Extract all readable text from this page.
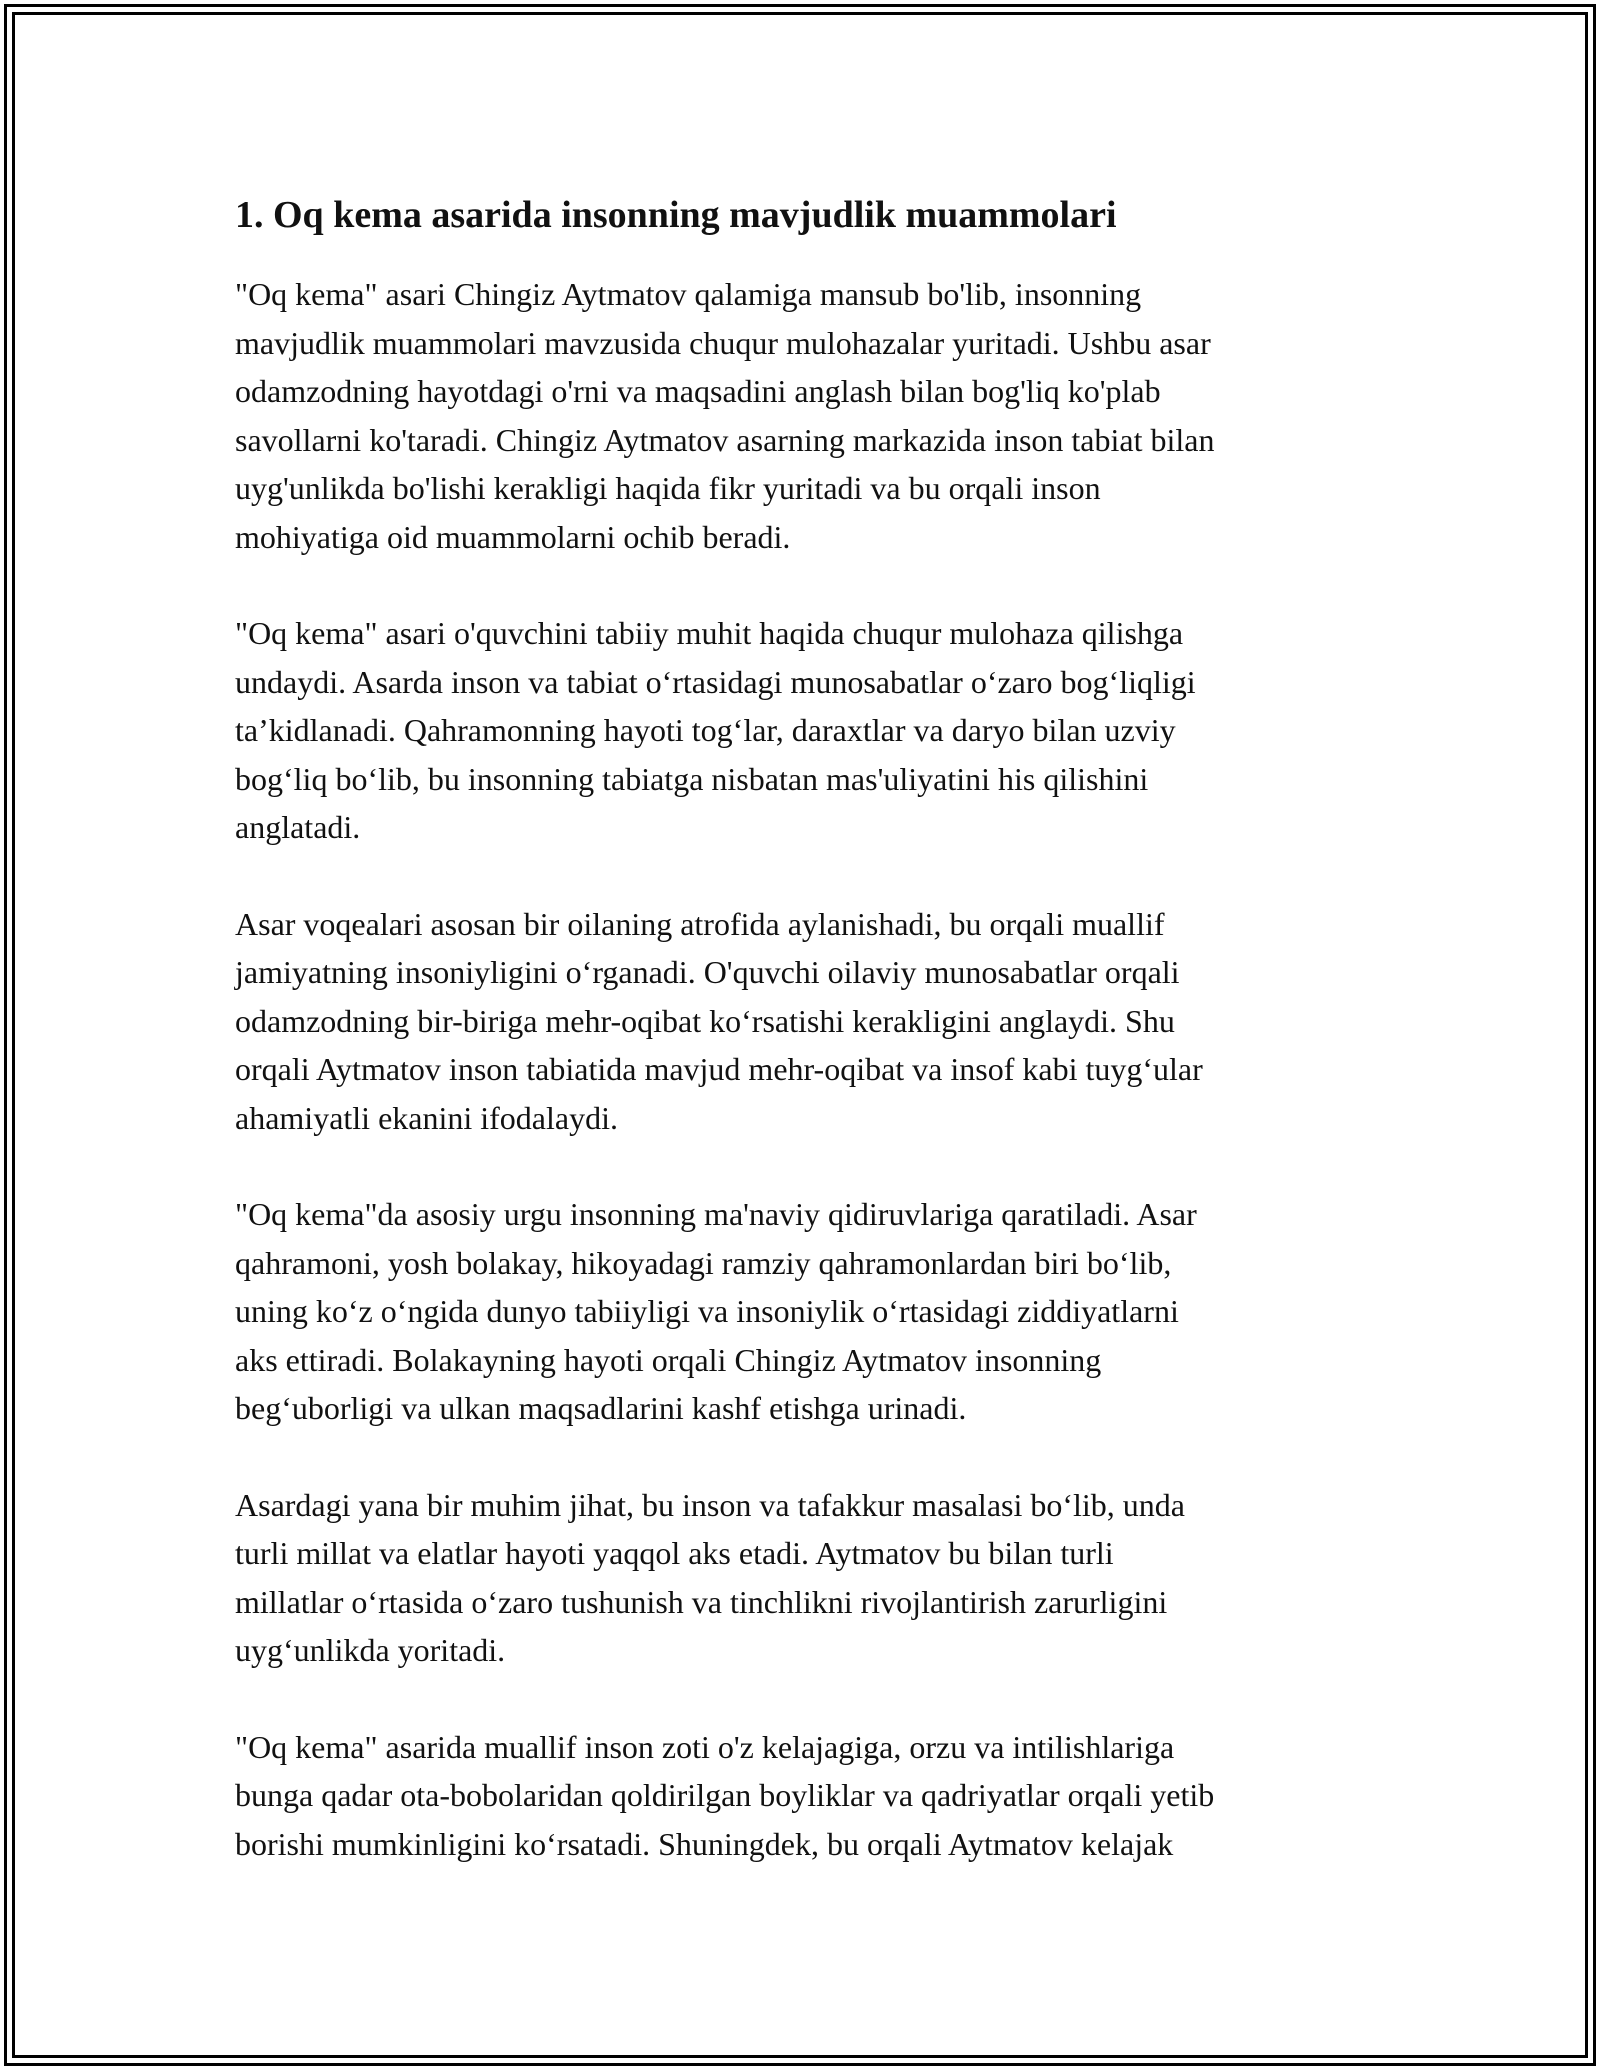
1. Oq kema asarida insonning mavjudlik muammolari

"Oq kema" asari Chingiz Aytmatov qalamiga mansub bo'lib, insonning
mavjudlik muammolari mavzusida chuqur mulohazalar yuritadi. Ushbu asar
odamzodning hayotdagi o'rni va maqsadini anglash bilan bog'liq ko'plab
savollarni ko'taradi. Chingiz Aytmatov asarning markazida inson tabiat bilan
uyg'unlikda bo'lishi kerakligi haqida fikr yuritadi va bu orqali inson
mohiyatiga oid muammolarni ochib beradi.

"Oq kema" asari o'quvchini tabiiy muhit haqida chuqur mulohaza qilishga
undaydi. Asarda inson va tabiat o‘rtasidagi munosabatlar o‘zaro bog‘liqligi
ta’kidlanadi. Qahramonning hayoti tog‘lar, daraxtlar va daryo bilan uzviy
bog‘liq bo‘lib, bu insonning tabiatga nisbatan mas'uliyatini his qilishini
anglatadi.

Asar voqealari asosan bir oilaning atrofida aylanishadi, bu orqali muallif
jamiyatning insoniyligini o‘rganadi. O'quvchi oilaviy munosabatlar orqali
odamzodning bir-biriga mehr-oqibat ko‘rsatishi kerakligini anglaydi. Shu
orqali Aytmatov inson tabiatida mavjud mehr-oqibat va insof kabi tuyg‘ular
ahamiyatli ekanini ifodalaydi.

"Oq kema"da asosiy urgu insonning ma'naviy qidiruvlariga qaratiladi. Asar
qahramoni, yosh bolakay, hikoyadagi ramziy qahramonlardan biri bo‘lib,
uning ko‘z o‘ngida dunyo tabiiyligi va insoniylik o‘rtasidagi ziddiyatlarni
aks ettiradi. Bolakayning hayoti orqali Chingiz Aytmatov insonning
beg‘uborligi va ulkan maqsadlarini kashf etishga urinadi.

Asardagi yana bir muhim jihat, bu inson va tafakkur masalasi bo‘lib, unda
turli millat va elatlar hayoti yaqqol aks etadi. Aytmatov bu bilan turli
millatlar o‘rtasida o‘zaro tushunish va tinchlikni rivojlantirish zarurligini
uyg‘unlikda yoritadi.

"Oq kema" asarida muallif inson zoti o'z kelajagiga, orzu va intilishlariga
bunga qadar ota-bobolaridan qoldirilgan boyliklar va qadriyatlar orqali yetib
borishi mumkinligini ko‘rsatadi. Shuningdek, bu orqali Aytmatov kelajak
